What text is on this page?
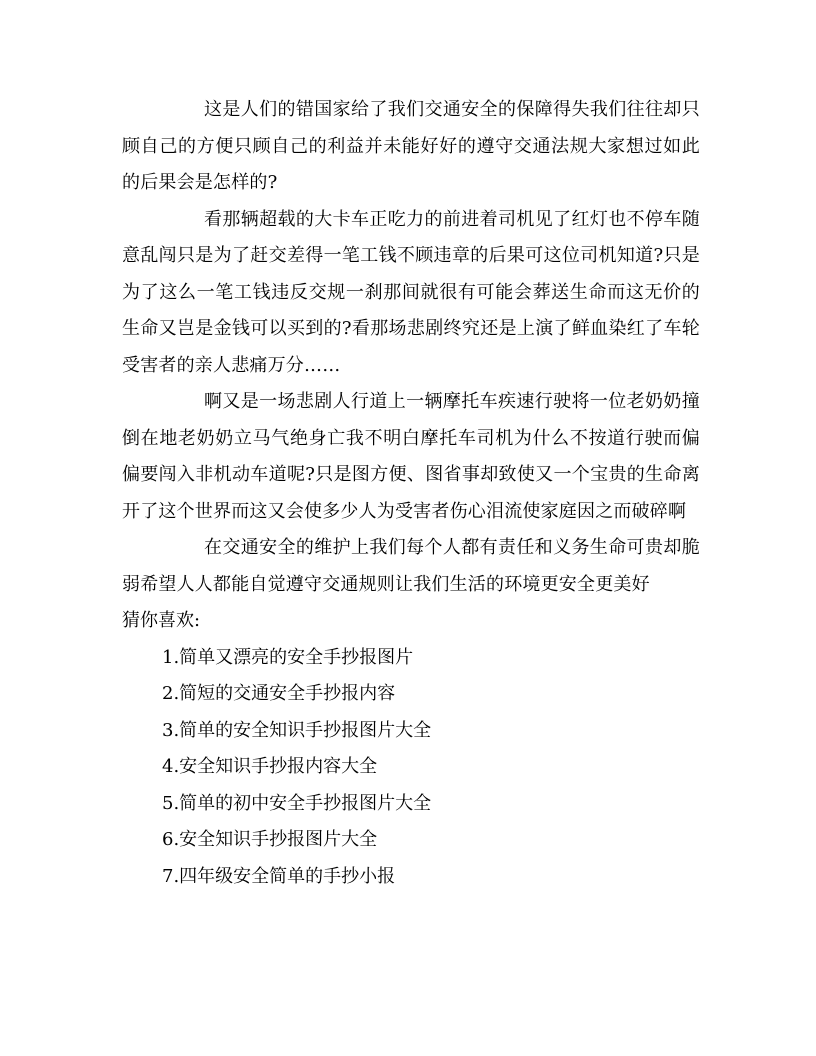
这是人们的错国家给了我们交通安全的保障得失我们往往却只顾自己的方便只顾自己的利益并未能好好的遵守交通法规大家想过如此的后果会是怎样的?

看那辆超载的大卡车正吃力的前进着司机见了红灯也不停车随意乱闯只是为了赶交差得一笔工钱不顾违章的后果可这位司机知道?只是为了这么一笔工钱违反交规一刹那间就很有可能会葬送生命而这无价的生命又岂是金钱可以买到的?看那场悲剧终究还是上演了鲜血染红了车轮受害者的亲人悲痛万分……

啊又是一场悲剧人行道上一辆摩托车疾速行驶将一位老奶奶撞倒在地老奶奶立马气绝身亡我不明白摩托车司机为什么不按道行驶而偏偏要闯入非机动车道呢?只是图方便、图省事却致使又一个宝贵的生命离开了这个世界而这又会使多少人为受害者伤心泪流使家庭因之而破碎啊

在交通安全的维护上我们每个人都有责任和义务生命可贵却脆弱希望人人都能自觉遵守交通规则让我们生活的环境更安全更美好

猜你喜欢:

1.简单又漂亮的安全手抄报图片
2.简短的交通安全手抄报内容
3.简单的安全知识手抄报图片大全
4.安全知识手抄报内容大全
5.简单的初中安全手抄报图片大全
6.安全知识手抄报图片大全
7.四年级安全简单的手抄小报
